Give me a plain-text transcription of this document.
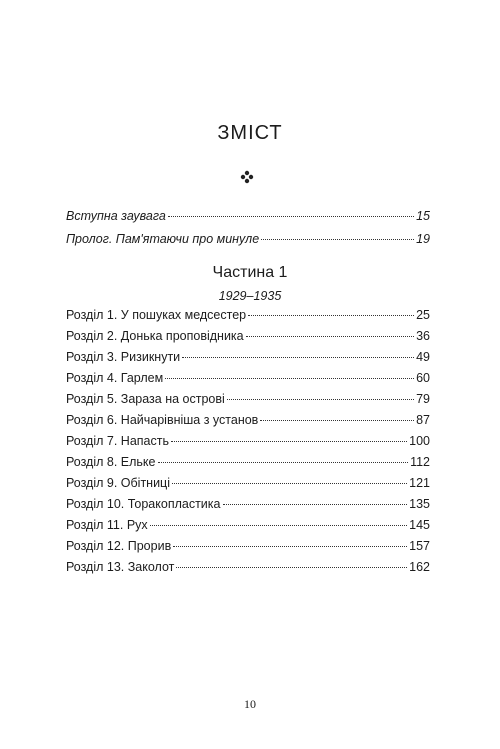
ЗМІСТ
Вступна заувага	15
Пролог. Пам'ятаючи про минуле	19
Частина 1
1929–1935
Розділ 1. У пошуках медсестер	25
Розділ 2. Донька проповідника	36
Розділ 3. Ризикнути	49
Розділ 4. Гарлем	60
Розділ 5. Зараза на острові	79
Розділ 6. Найчарівніша з установ	87
Розділ 7. Напасть	100
Розділ 8. Ельке	112
Розділ 9. Обітниці	121
Розділ 10. Торакопластика	135
Розділ 11. Рух	145
Розділ 12. Прорив	157
Розділ 13. Заколот	162
10
